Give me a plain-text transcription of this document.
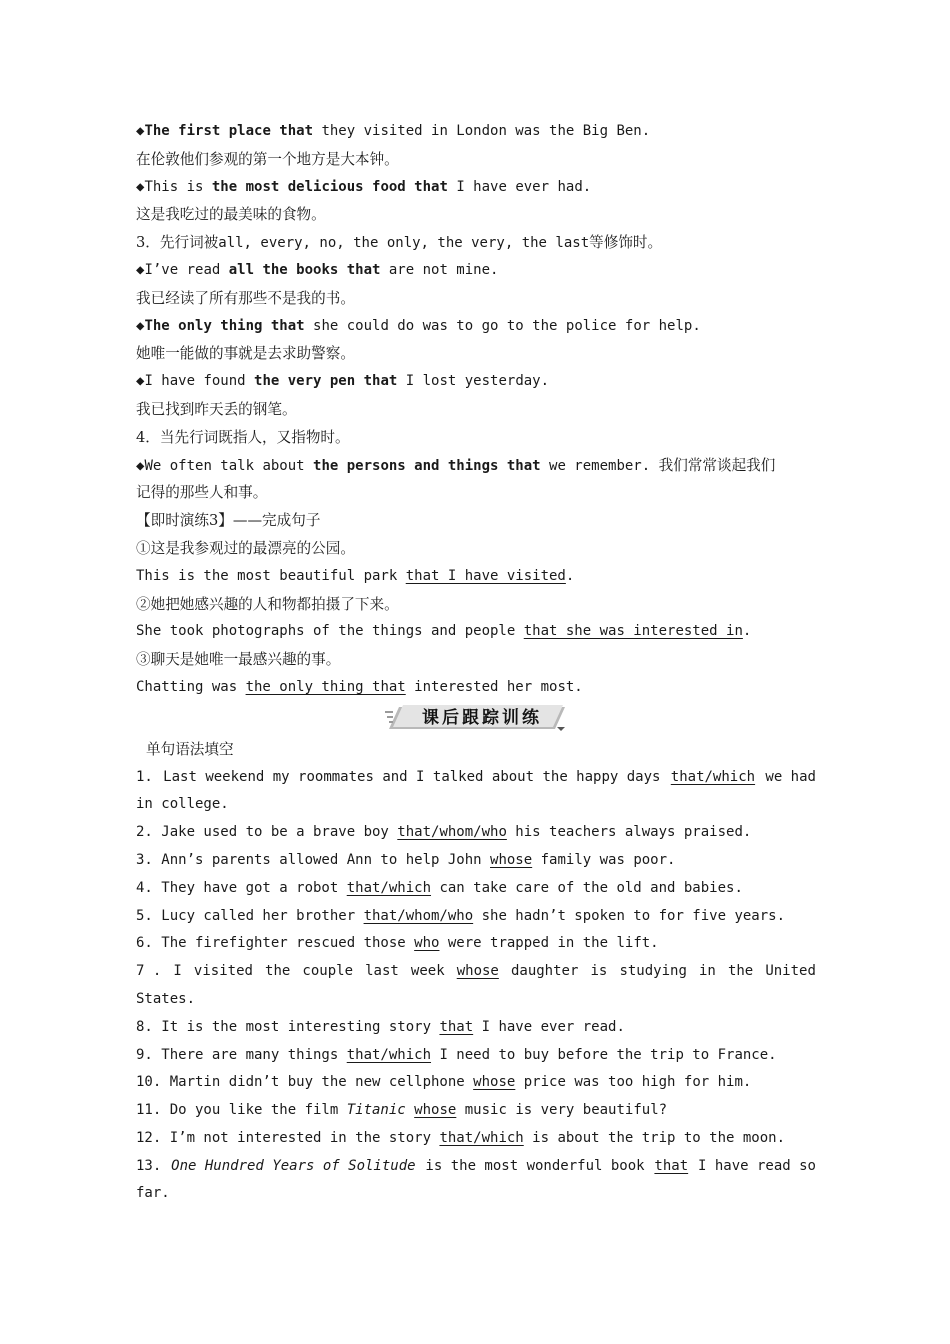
◆The first place that they visited in London was the Big Ben.
在伦敦他们参观的第一个地方是大本钟。
◆This is the most delicious food that I have ever had.
这是我吃过的最美味的食物。
3．先行词被all, every, no, the only, the very, the last等修饰时。
◆I’ve read all the books that are not mine.
我已经读了所有那些不是我的书。
◆The only thing that she could do was to go to the police for help.
她唯一能做的事就是去求助警察。
◆I have found the very pen that I lost yesterday.
我已找到昨天丢的钢笔。
4．当先行词既指人，又指物时。
◆We often talk about the persons and things that we remember. 我们常常谈起我们
记得的那些人和事。
【即时演练3】——完成句子
①这是我参观过的最漂亮的公园。
This is the most beautiful park that I have visited.
②她把她感兴趣的人和物都拍摄了下来。
She took photographs of the things and people that she was interested in.
③聊天是她唯一最感兴趣的事。
Chatting was the only thing that interested her most.
课后跟踪训练
单句语法填空
1. Last weekend my roommates and I talked about the happy days that/which we had
in college.
2. Jake used to be a brave boy that/whom/who his teachers always praised.
3. Ann’s parents allowed Ann to help John whose family was poor.
4. They have got a robot that/which can take care of the old and babies.
5. Lucy called her brother that/whom/who she hadn’t spoken to for five years.
6. The firefighter rescued those who were trapped in the lift.
7 . I visited the couple last week whose daughter is studying in the United
States.
8. It is the most interesting story that I have ever read.
9. There are many things that/which I need to buy before the trip to France.
10. Martin didn’t buy the new cellphone whose price was too high for him.
11. Do you like the film Titanic whose music is very beautiful?
12. I’m not interested in the story that/which is about the trip to the moon.
13. One Hundred Years of Solitude is the most wonderful book that I have read so
far.
